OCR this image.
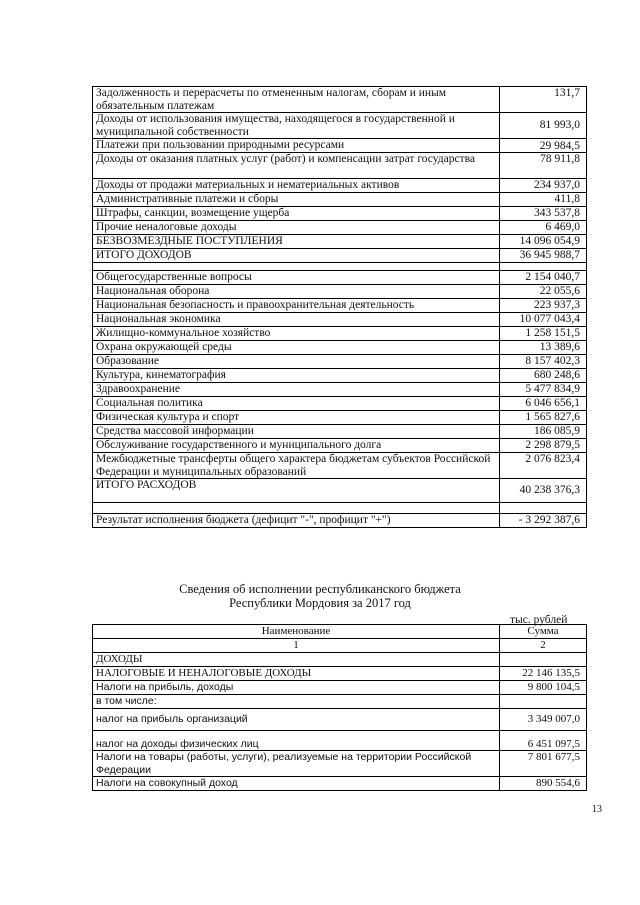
Задолженность и перерасчеты по отмененным налогам, сборам и иным обязательным платежам	131,7
Доходы от использования имущества, находящегося в государственной и муниципальной собственности	81 993,0
Платежи при пользовании природными ресурсами	29 984,5
Доходы от оказания платных услуг (работ) и компенсации затрат государства	78 911,8
Доходы от продажи материальных и нематериальных активов	234 937,0
Административные платежи и сборы	411,8
Штрафы, санкции, возмещение ущерба	343 537,8
Прочие неналоговые доходы	6 469,0
БЕЗВОЗМЕЗДНЫЕ ПОСТУПЛЕНИЯ	14 096 054,9
ИТОГО ДОХОДОВ	36 945 988,7

Общегосударственные вопросы	2 154 040,7
Национальная оборона	22 055,6
Национальная безопасность и правоохранительная деятельность	223 937,3
Национальная экономика	10 077 043,4
Жилищно-коммунальное хозяйство	1 258 151,5
Охрана окружающей среды	13 389,6
Образование	8 157 402,3
Культура, кинематография	680 248,6
Здравоохранение	5 477 834,9
Социальная политика	6 046 656,1
Физическая культура и спорт	1 565 827,6
Средства массовой информации	186 085,9
Обслуживание государственного и муниципального долга	2 298 879,5
Межбюджетные трансферты общего характера бюджетам субъектов Российской Федерации и муниципальных образований	2 076 823,4
ИТОГО РАСХОДОВ	40 238 376,3

Результат исполнения бюджета (дефицит "-", профицит "+")	- 3 292 387,6
Сведения об исполнении республиканского бюджета
Республики Мордовия за 2017 год
тыс. рублей
Наименование	Сумма
1	2
ДОХОДЫ	
НАЛОГОВЫЕ И НЕНАЛОГОВЫЕ ДОХОДЫ	22 146 135,5
Налоги на прибыль, доходы	9 800 104,5
в том числе:	
налог на прибыль организаций	3 349 007,0
налог на доходы физических лиц	6 451 097,5
Налоги на товары (работы, услуги), реализуемые на территории Российской Федерации	7 801 677,5
Налоги на совокупный доход	890 554,6
13
